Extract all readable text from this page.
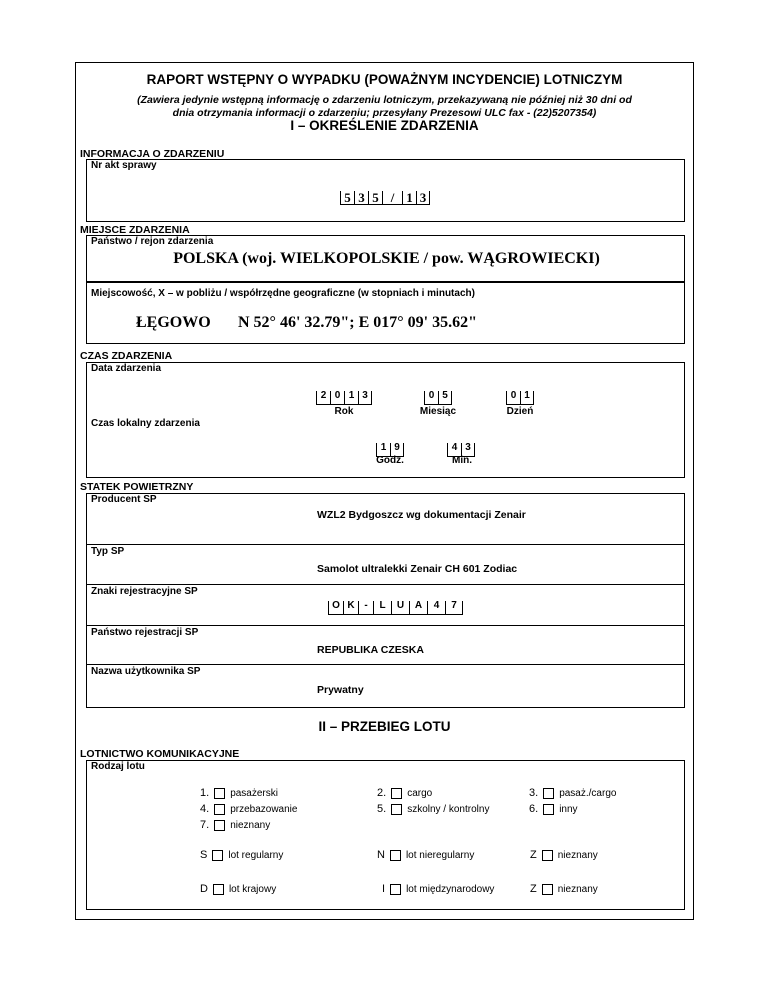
RAPORT WSTĘPNY O WYPADKU (POWAŻNYM INCYDENCIE) LOTNICZYM
(Zawiera jedynie wstępną informację o zdarzeniu lotniczym, przekazywaną nie później niż 30 dni od
dnia otrzymania informacji o zdarzeniu; przesyłany Prezesowi ULC fax - (22)5207354)
I – OKREŚLENIE ZDARZENIA
INFORMACJA O ZDARZENIU
Nr akt sprawy
5 3 5 / 1 3
MIEJSCE ZDARZENIA
Państwo / rejon zdarzenia
POLSKA (woj. WIELKOPOLSKIE / pow. WĄGROWIECKI)
Miejscowość, X – w pobliżu / współrzędne geograficzne (w stopniach i minutach)
ŁĘGOWO N 52° 46' 32.79"; E 017° 09' 35.62"
CZAS ZDARZENIA
Data zdarzenia
2 0 1 3
Rok
0 5
Miesiąc
0 1
Dzień
Czas lokalny zdarzenia
1 9
Godz.
4 3
Min.
STATEK POWIETRZNY
Producent SP
WZL2 Bydgoszcz wg dokumentacji Zenair
Typ SP
Samolot ultralekki Zenair CH 601 Zodiac
Znaki rejestracyjne SP
O K -	L	U	A	4	7
Państwo rejestracji SP
REPUBLIKA CZESKA
Nazwa użytkownika SP
Prywatny
II – PRZEBIEG LOTU
LOTNICTWO KOMUNIKACYJNE
Rodzaj lotu
1. pasażerski	2. cargo	3. pasaż./cargo
4. przebazowanie	5. szkolny / kontrolny	6. inny
7. nieznany
S lot regularny	N lot nieregularny	Z nieznany
D lot krajowy	I lot międzynarodowy	Z nieznany
